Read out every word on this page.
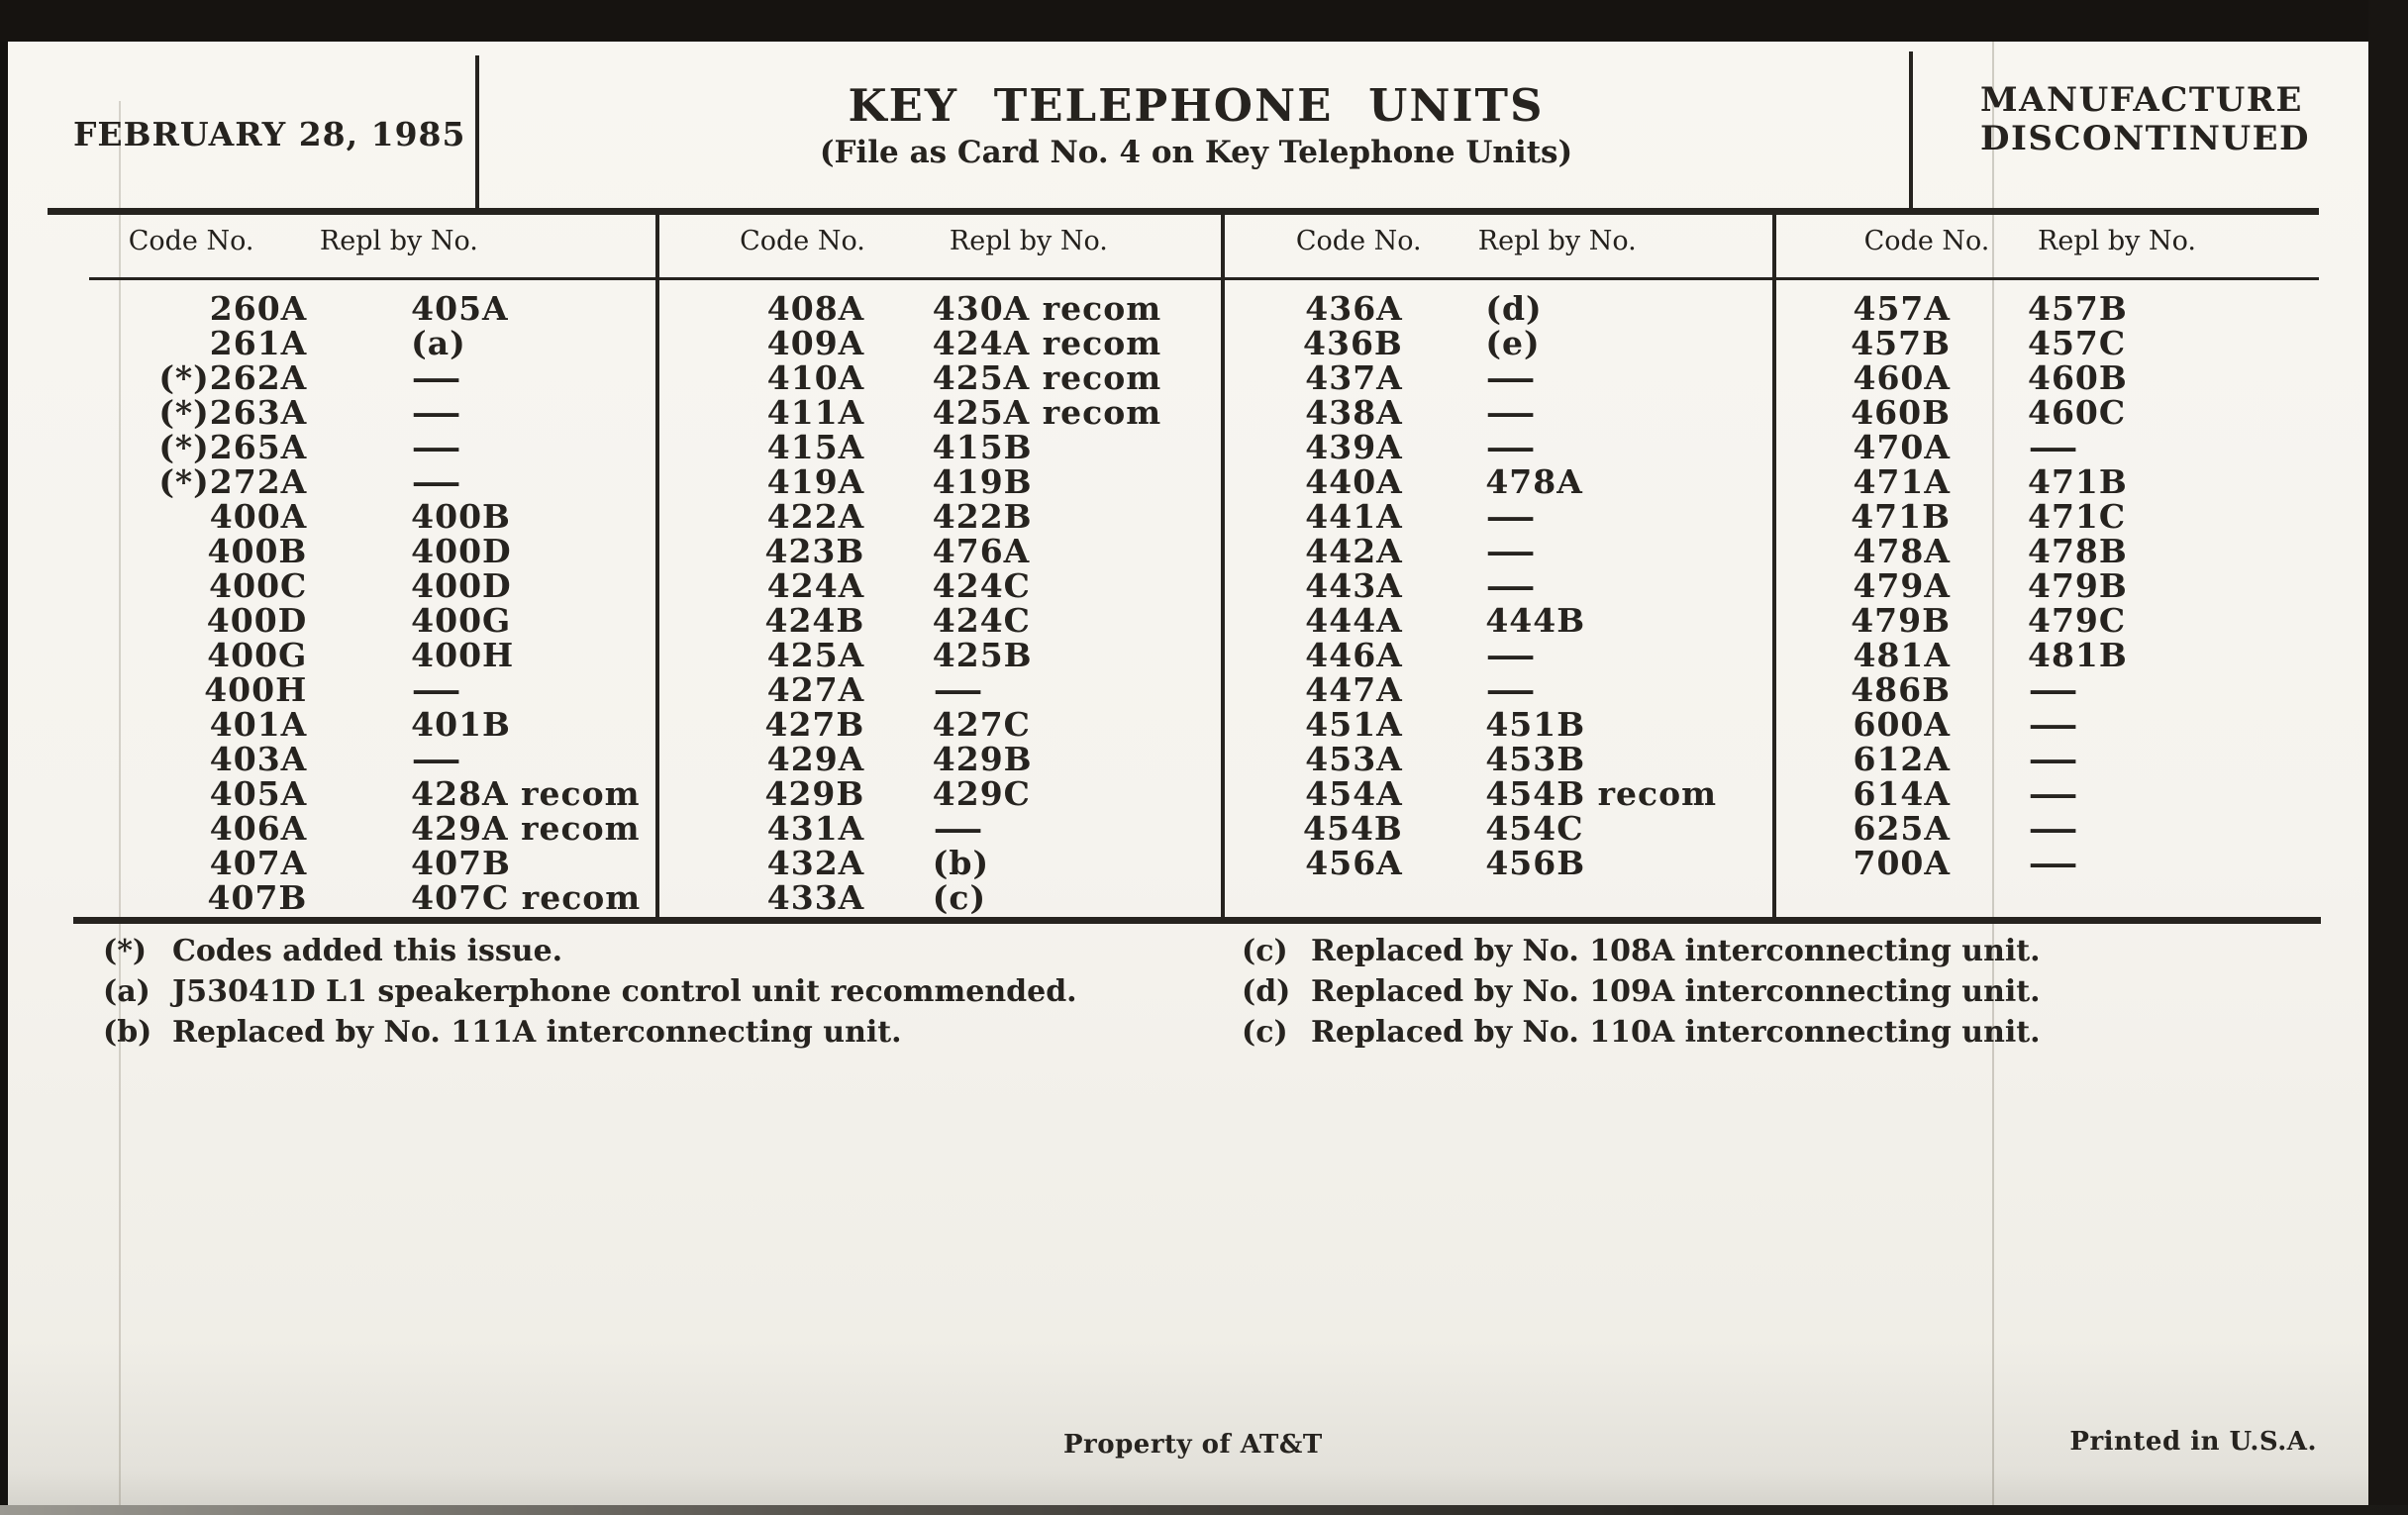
FEBRUARY 28, 1985
KEY TELEPHONE UNITS
(File as Card No. 4 on Key Telephone Units)
MANUFACTURE
DISCONTINUED
Code No. Repl by No.
260A	405A
261A	(a)
(*)262A	—
(*)263A	—
(*)265A	—
(*)272A	—
400A	400B
400B	400D
400C	400D
400D	400G
400G	400H
400H	—
401A	401B
403A	—
405A	428A recom
406A	429A recom
407A	407B
407B	407C recom
Code No.	Repl by No.
408A 430A recom
409A 424A recom
410A 425A recom
411A 425A recom
415A 415B
419A 419B
422A 422B
423B 476A
424A 424C
424B 424C
425A 425B
427A —
427B 427C
429A 429B
429B 429C
431A —
432A (b)
433A (c)
Code No. Repl by No.
436A	(d)
436B	(e)
437A	—
438A	—
439A	—
440A	478A
441A	—
442A	—
443A	—
444A	444B
446A	—
447A	—
451A	451B
453A	453B
454A	454B recom
454B	454C
456A	456B
Code No. Repl by No.
457A 457B
457B 457C
460A 460B
460B 460C
470A —
471A 471B
471B 471C
478A 478B
479A 479B
479B 479C
481A 481B
486B —
600A —
612A —
614A —
625A —
700A —
(*) Codes added this issue.
(a) J53041D L1 speakerphone control unit recommended.
(b) Replaced by No. 111A interconnecting unit.
(c) Replaced by No. 108A interconnecting unit.
(d) Replaced by No. 109A interconnecting unit.
(c) Replaced by No. 110A interconnecting unit.
Property of AT&T	Printed in U.S.A.
